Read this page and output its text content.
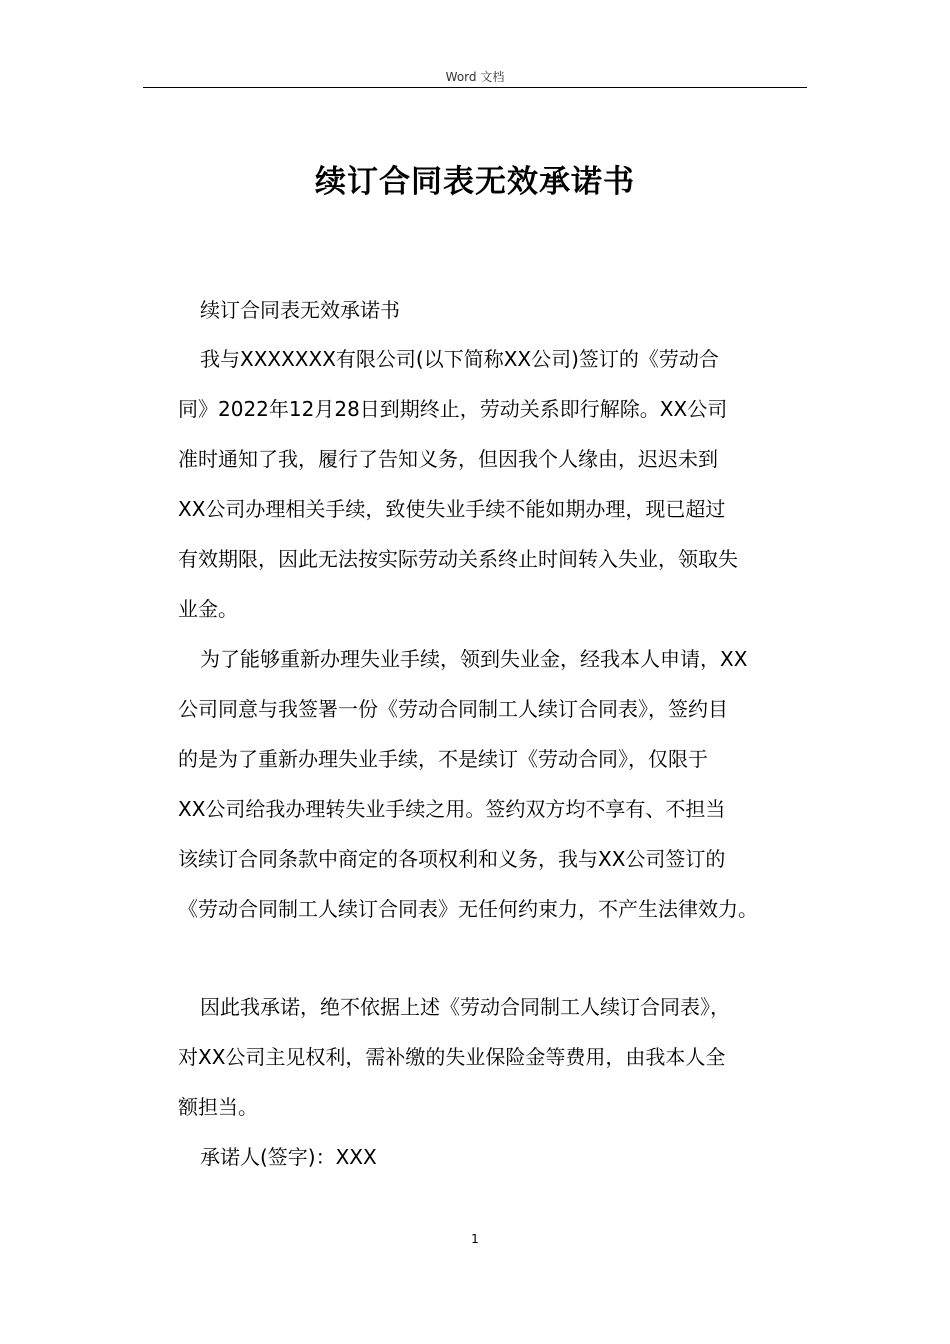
Word 文档
续订合同表无效承诺书
续订合同表无效承诺书
我与XXXXXXX有限公司(以下简称XX公司)签订的《劳动合
同》2022年12月28日到期终止，劳动关系即行解除。XX公司
准时通知了我，履行了告知义务，但因我个人缘由，迟迟未到
XX公司办理相关手续，致使失业手续不能如期办理，现已超过
有效期限，因此无法按实际劳动关系终止时间转入失业，领取失
业金。
为了能够重新办理失业手续，领到失业金，经我本人申请，XX
公司同意与我签署一份《劳动合同制工人续订合同表》，签约目
的是为了重新办理失业手续，不是续订《劳动合同》，仅限于
XX公司给我办理转失业手续之用。签约双方均不享有、不担当
该续订合同条款中商定的各项权利和义务，我与XX公司签订的
《劳动合同制工人续订合同表》无任何约束力，不产生法律效力。
因此我承诺，绝不依据上述《劳动合同制工人续订合同表》，
对XX公司主见权利，需补缴的失业保险金等费用，由我本人全
额担当。
承诺人(签字)：XXX
1
